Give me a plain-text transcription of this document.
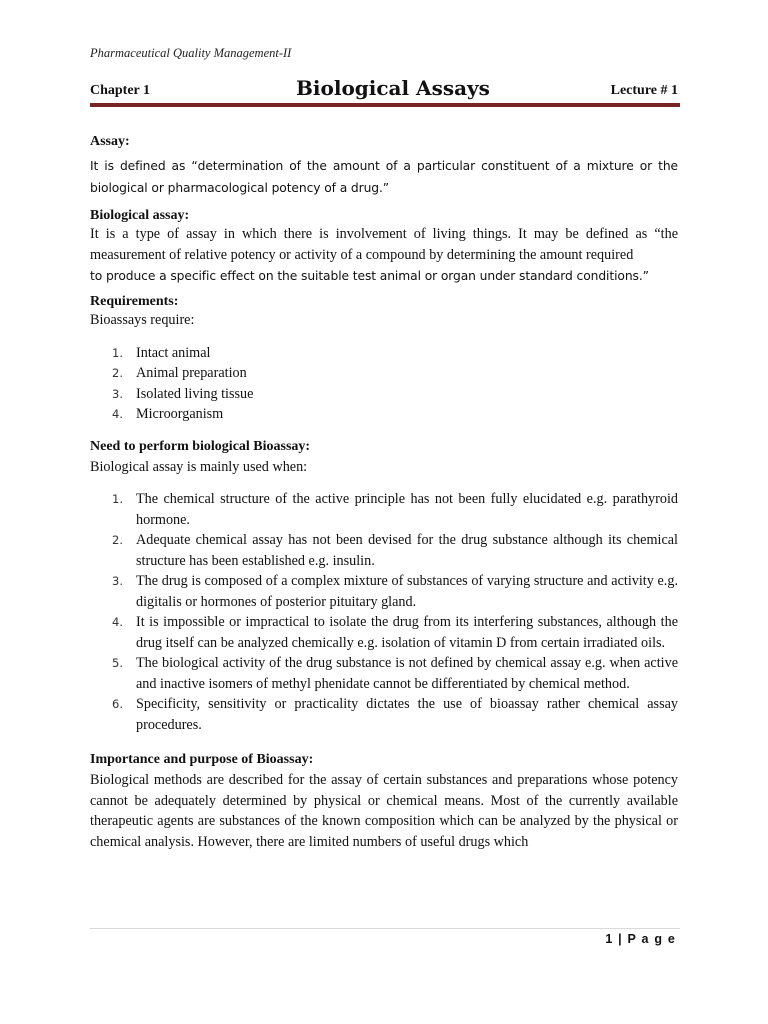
Pharmaceutical Quality Management-II
Chapter 1	Biological Assays	Lecture # 1
Assay:

It is defined as “determination of the amount of a particular constituent of a mixture or the biological or pharmacological potency of a drug.”

Biological assay:

It is a type of assay in which there is involvement of living things. It may be defined as “the measurement of relative potency or activity of a compound by determining the amount required

to produce a specific effect on the suitable test animal or organ under standard conditions.”

Requirements:

Bioassays require:

1. Intact animal
2. Animal preparation
3. Isolated living tissue
4. Microorganism
Need to perform biological Bioassay:

Biological assay is mainly used when:

1. The chemical structure of the active principle has not been fully elucidated e.g. parathyroid hormone.
2. Adequate chemical assay has not been devised for the drug substance although its chemical structure has been established e.g. insulin.
3. The drug is composed of a complex mixture of substances of varying structure and activity e.g. digitalis or hormones of posterior pituitary gland.
4. It is impossible or impractical to isolate the drug from its interfering substances, although the drug itself can be analyzed chemically e.g. isolation of vitamin D from certain irradiated oils.
5. The biological activity of the drug substance is not defined by chemical assay e.g. when active and inactive isomers of methyl phenidate cannot be differentiated by chemical method.
6. Specificity, sensitivity or practicality dictates the use of bioassay rather chemical assay procedures.
Importance and purpose of Bioassay:

Biological methods are described for the assay of certain substances and preparations whose potency cannot be adequately determined by physical or chemical means. Most of the currently available therapeutic agents are substances of the known composition which can be analyzed by the physical or chemical analysis. However, there are limited numbers of useful drugs which

1 | P a g e
